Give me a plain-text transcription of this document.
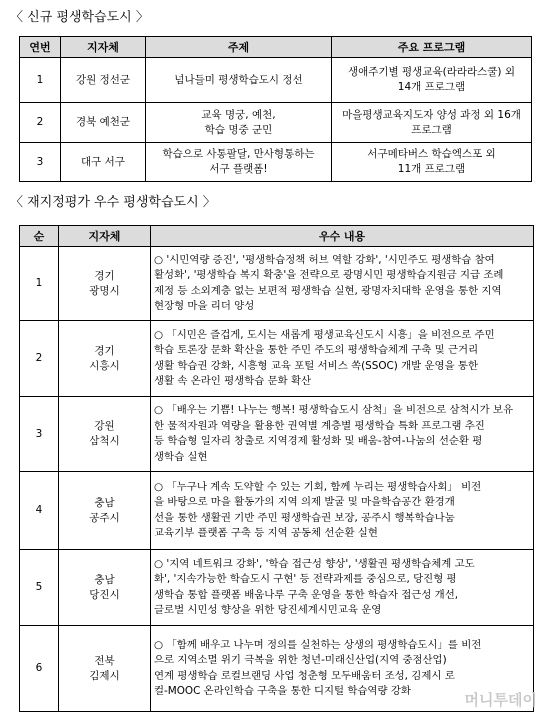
〈 신규 평생학습도시 〉
연번	지자체	주제	주요 프로그램
1	강원 정선군	넘나들미 평생학습도시 정선	생애주기별 평생교육(라라라스쿨) 외
14개 프로그램

2	경북 예천군	교육 명궁, 예천,
학습 명중 군민	마을평생교육지도자 양성 과정 외 16개
프로그램

3	대구 서구	학습으로 사통팔달, 만사형통하는
서구 플랫폼!	서구메타버스 학습엑스포 외
11개 프로그램
〈 재지정평가 우수 평생학습도시 〉
순	지자체	우수 내용
1	경기
광명시	○ '시민역량 증진', '평생학습정책 허브 역할 강화', '시민주도 평생학습 참여
활성화', '평생학습 복지 확충'을 전략으로 광명시민 평생학습지원금 지급 조례
제정 등 소외계층 없는 보편적 평생학습 실현, 광명자치대학 운영을 통한 지역
현장형 마을 리더 양성

2	경기
시흥시	○ 「시민은 즐겁게, 도시는 새롭게 평생교육신도시 시흥」을 비전으로 주민
학습 토론장 문화 확산을 통한 주민 주도의 평생학습체계 구축 및 근거리
생활 학습권 강화, 시흥형 교육 포털 서비스 쏙(SSOC) 개발 운영을 통한
생활 속 온라인 평생학습 문화 확산

3	강원
삼척시	○ 「배우는 기쁨! 나누는 행복! 평생학습도시 삼척」을 비전으로 삼척시가 보유
한 물적자원과 역량을 활용한 권역별 계층별 평생학습 특화 프로그램 추진
등 학습형 일자리 창출로 지역경제 활성화 및 배움-참여-나눔의 선순환 평
생학습 실현

4	충남
공주시	○ 「누구나 계속 도약할 수 있는 기회, 함께 누리는 평생학습사회」 비전
을 바탕으로 마을 활동가의 지역 의제 발굴 및 마을학습공간 환경개
선을 통한 생활권 기반 주민 평생학습권 보장, 공주시 행복학습나눔
교육기부 플랫폼 구축 등 지역 공동체 선순환 실현

5	충남
당진시	○ '지역 네트워크 강화', '학습 접근성 향상', '생활권 평생학습체계 고도
화', '지속가능한 학습도시 구현' 등 전략과제를 중심으로, 당진형 평
생학습 통합 플랫폼 배움나루 구축 운영을 통한 학습자 접근성 개선,
글로벌 시민성 향상을 위한 당진세계시민교육 운영

6	전북
김제시	○ 「함께 배우고 나누며 정의를 실천하는 상생의 평생학습도시」를 비전
으로 지역소멸 위기 극복을 위한 청년-미래신산업(지역 중점산업)
연계 평생학습 로컬브랜딩 사업 청춘형 모두배움터 조성, 김제시 로
컬-MOOC 온라인학습 구축을 통한 디지털 학습역량 강화	머니투데이
